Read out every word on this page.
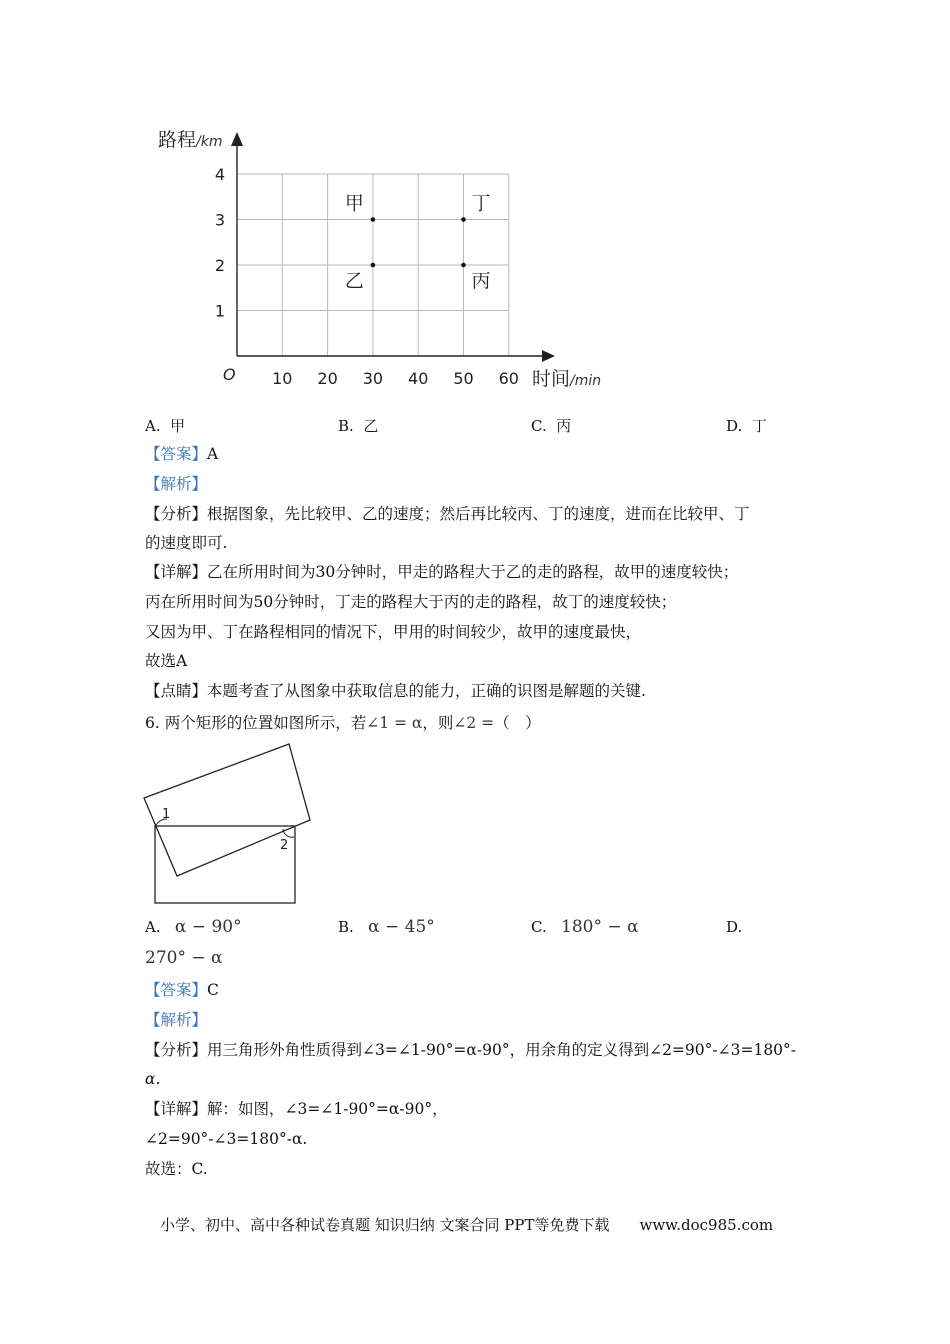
路程/km
时间/min
O 10 20 30 40 50 60
1
2
3
4
甲
乙	丙
丁
A. 甲	B. 乙	C. 丙	D. 丁
【答案】A
【解析】
【分析】根据图象，先比较甲、乙的速度；然后再比较丙、丁的速度，进而在比较甲、丁
的速度即可.
【详解】乙在所用时间为30分钟时，甲走的路程大于乙的走的路程，故甲的速度较快；
丙在所用时间为50分钟时，丁走的路程大于丙的走的路程，故丁的速度较快；
又因为甲、丁在路程相同的情况下，甲用的时间较少，故甲的速度最快，
故选A
【点睛】本题考查了从图象中获取信息的能力，正确的识图是解题的关键.
6. 两个矩形的位置如图所示，若∠1 = α，则∠2 =（　）
1
2
A. α − 90°	B. α − 45°	C. 180° − α	D.
270° − α
【答案】C
【解析】
【分析】用三角形外角性质得到∠3=∠1-90°=α-90°，用余角的定义得到∠2=90°-∠3=180°-
α.
【详解】解：如图，∠3=∠1-90°=α-90°，
∠2=90°-∠3=180°-α.
故选：C.
小学、初中、高中各种试卷真题 知识归纳 文案合同 PPT等免费下载 www.doc985.com
